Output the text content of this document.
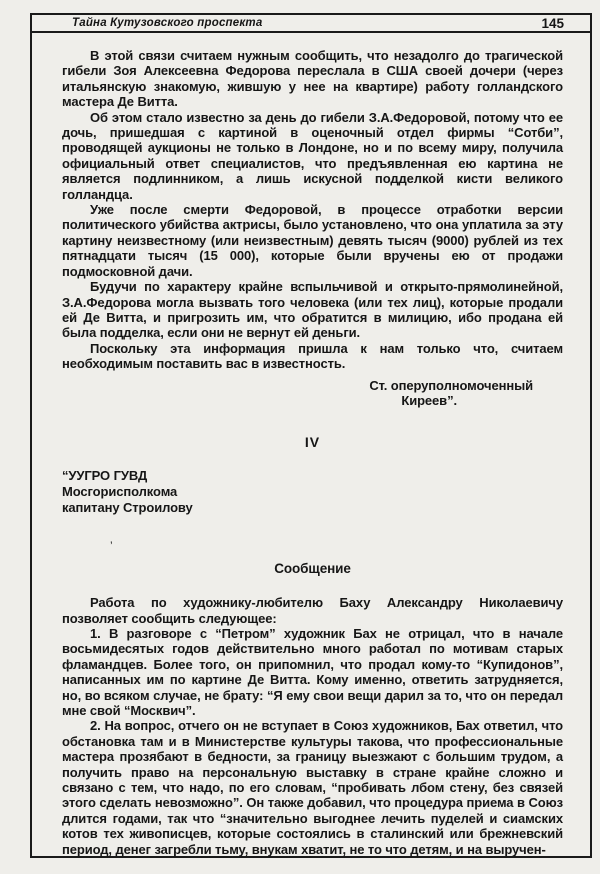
Тайна Кутузовского проспекта	145

В этой связи считаем нужным сообщить, что незадолго до трагической гибели Зоя Алексеевна Федорова переслала в США своей дочери (через итальянскую знакомую, жившую у нее на квартире) работу голландского мастера Де Витта.

Об этом стало известно за день до гибели З.А.Федоровой, потому что ее дочь, пришедшая с картиной в оценочный отдел фирмы “Сотби”, проводящей аукционы не только в Лондоне, но и по всему миру, получила официальный ответ специалистов, что предъявленная ею картина не является подлинником, а лишь искусной подделкой кисти великого голландца.

Уже после смерти Федоровой, в процессе отработки версии политического убийства актрисы, было установлено, что она уплатила за эту картину неизвестному (или неизвестным) девять тысяч (9000) рублей из тех пятнадцати тысяч (15 000), которые были вручены ею от продажи подмосковной дачи.

Будучи по характеру крайне вспыльчивой и открыто-прямолинейной, З.А.Федорова могла вызвать того человека (или тех лиц), которые продали ей Де Витта, и пригрозить им, что обратится в милицию, ибо продана ей была подделка, если они не вернут ей деньги.

Поскольку эта информация пришла к нам только что, считаем необходимым поставить вас в известность.

Ст. оперуполномоченный
Киреев”.
IV
“УУГРО ГУВД
Мосгорисполкома
капитану Строилову
Сообщение

Работа по художнику-любителю Баху Александру Николаевичу позволяет сообщить следующее:

1. В разговоре с “Петром” художник Бах не отрицал, что в начале восьмидесятых годов действительно много работал по мотивам старых фламандцев. Более того, он припомнил, что продал кому-то “Купидонов”, написанных им по картине Де Витта. Кому именно, ответить затрудняется, но, во всяком случае, не брату: “Я ему свои вещи дарил за то, что он передал мне свой “Москвич”.

2. На вопрос, отчего он не вступает в Союз художников, Бах ответил, что обстановка там и в Министерстве культуры такова, что профессиональные мастера прозябают в бедности, за границу выезжают с большим трудом, а получить право на персональную выставку в стране крайне сложно и связано с тем, что надо, по его словам, “пробивать лбом стену, без связей этого сделать невозможно”. Он также добавил, что процедура приема в Союз длится годами, так что “значительно выгоднее лечить пуделей и сиамских котов тех живописцев, которые состоялись в сталинский или брежневский период, денег загребли тьму, внукам хватит, не то что детям, и на выручен-

’
